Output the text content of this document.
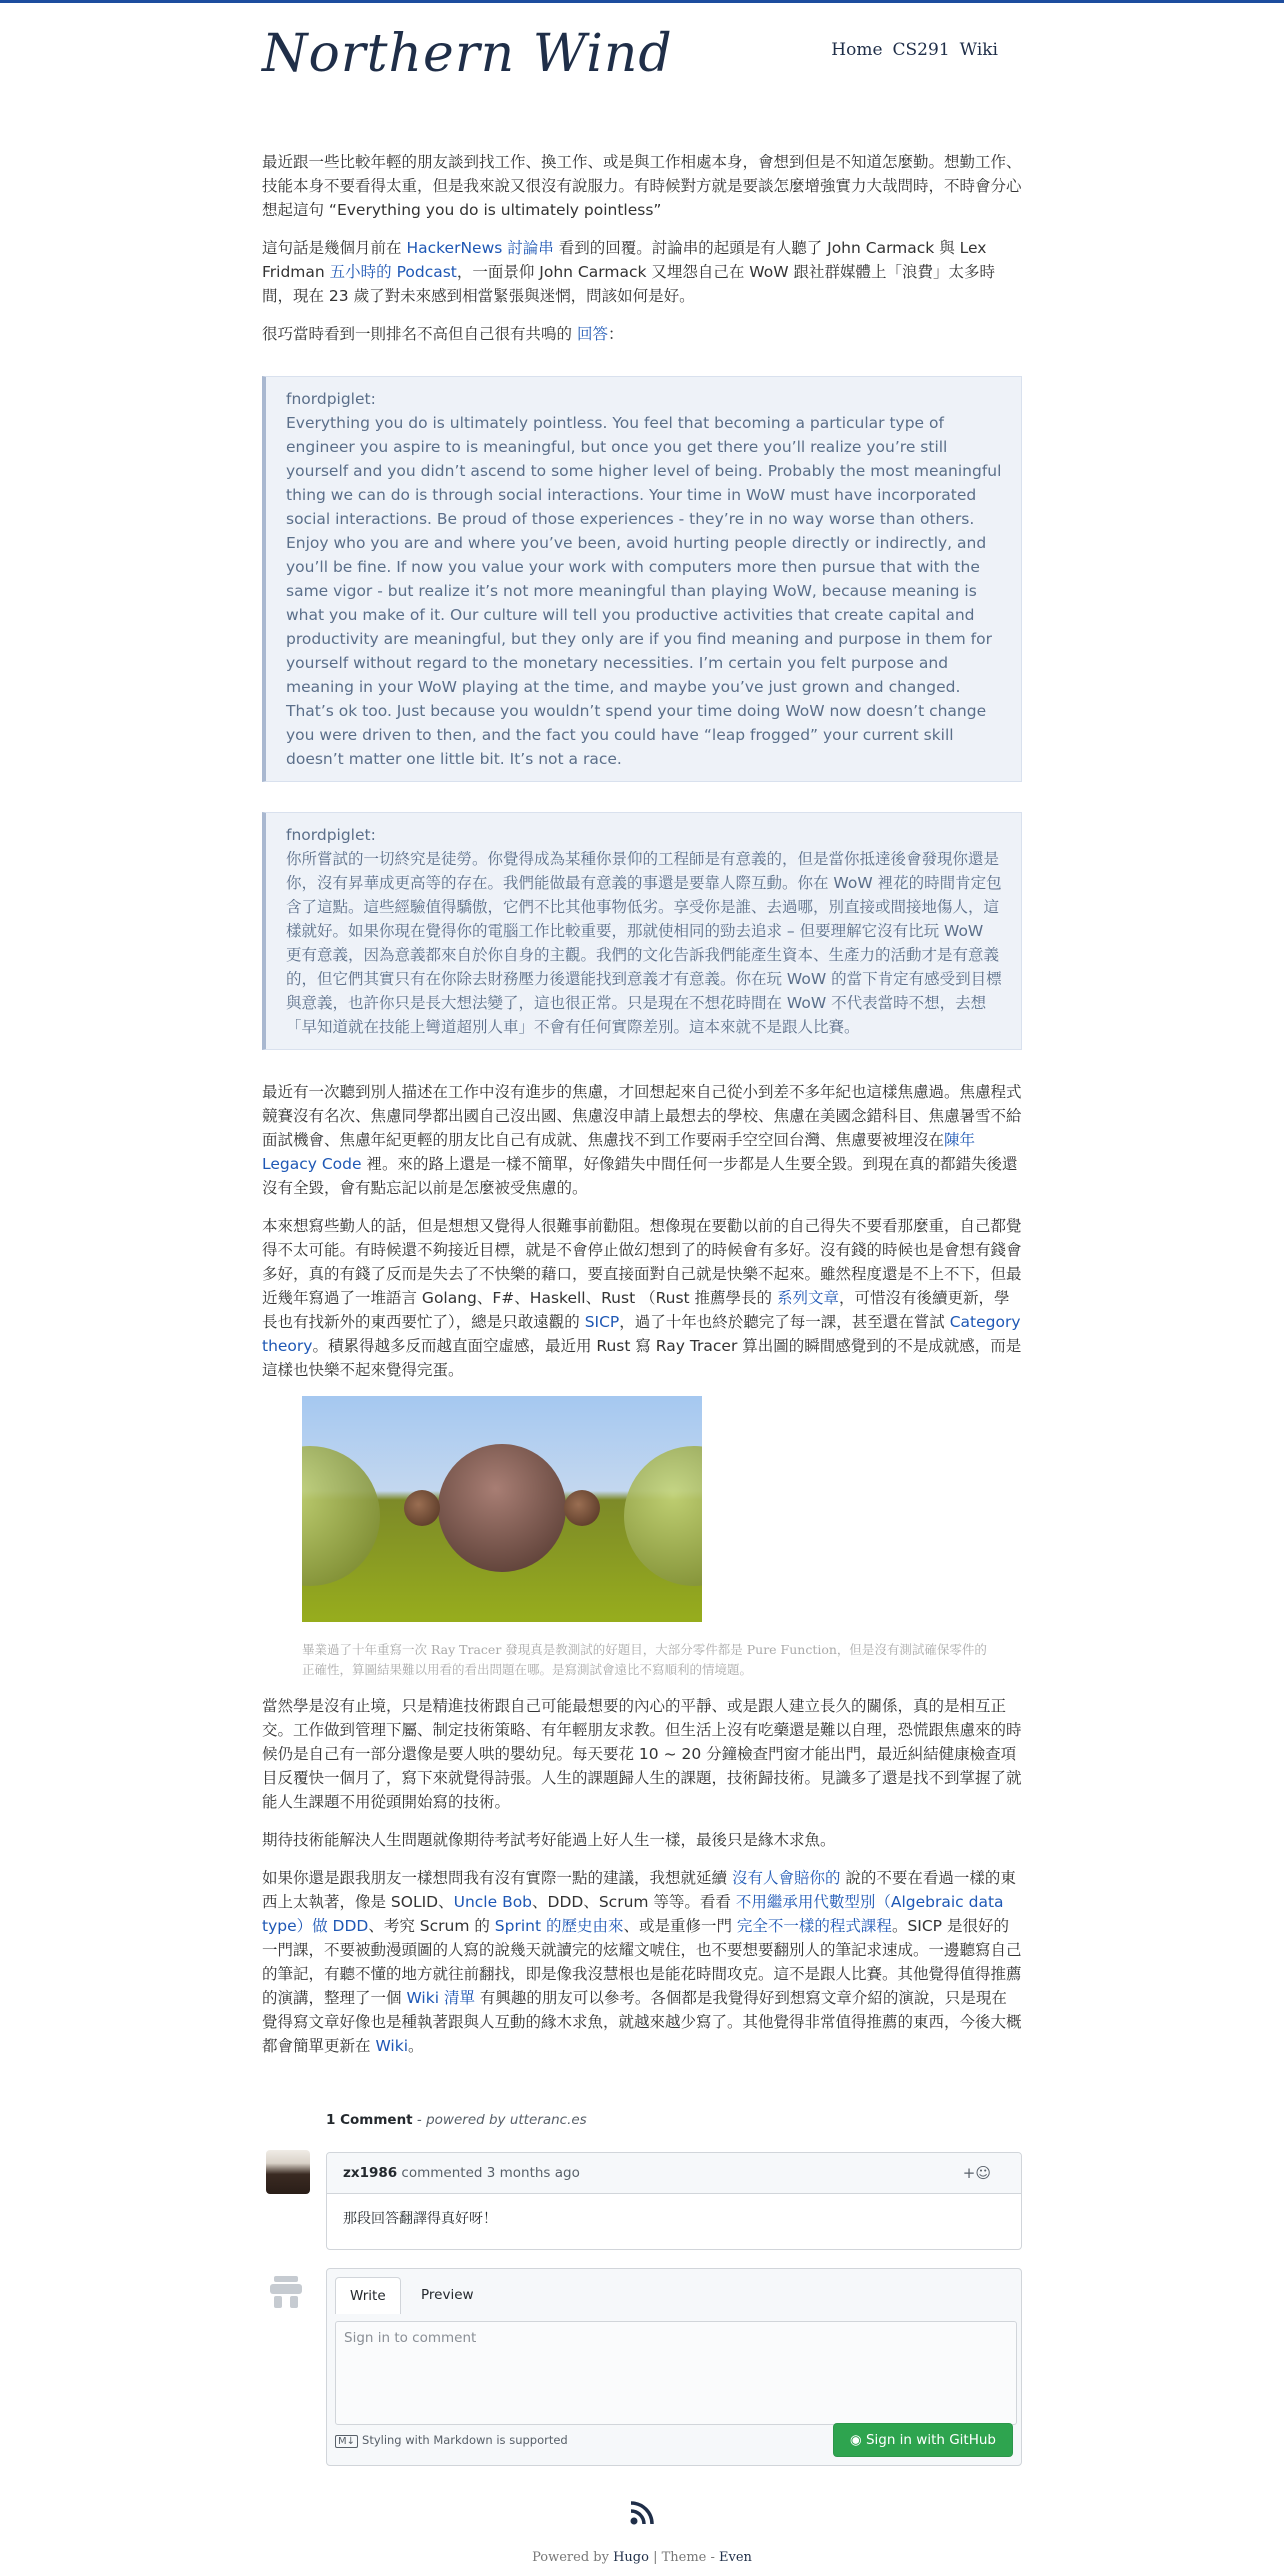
Northern Wind	Home CS291 Wiki

最近跟一些比較年輕的朋友談到找工作、換工作、或是與工作相處本身，會想到但是不知道怎麼勤。想勤工作、技能本身不要看得太重，但是我來說又很沒有說服力。有時候對方就是要談怎麼增強實力大哉問時，不時會分心想起這句 “Everything you do is ultimately pointless”

這句話是幾個月前在 HackerNews 討論串 看到的回覆。討論串的起頭是有人聽了 John Carmack 與 Lex Fridman 五小時的 Podcast，一面景仰 John Carmack 又埋怨自己在 WoW 跟社群媒體上「浪費」太多時間，現在 23 歲了對未來感到相當緊張與迷惘，問該如何是好。

很巧當時看到一則排名不高但自己很有共鳴的 回答：

fnordpiglet:
Everything you do is ultimately pointless. You feel that becoming a particular type of engineer you aspire to is meaningful, but once you get there you’ll realize you’re still yourself and you didn’t ascend to some higher level of being. Probably the most meaningful thing we can do is through social interactions. Your time in WoW must have incorporated social interactions. Be proud of those experiences - they’re in no way worse than others. Enjoy who you are and where you’ve been, avoid hurting people directly or indirectly, and you’ll be fine. If now you value your work with computers more then pursue that with the same vigor - but realize it’s not more meaningful than playing WoW, because meaning is what you make of it. Our culture will tell you productive activities that create capital and productivity are meaningful, but they only are if you find meaning and purpose in them for yourself without regard to the monetary necessities. I’m certain you felt purpose and meaning in your WoW playing at the time, and maybe you’ve just grown and changed. That’s ok too. Just because you wouldn’t spend your time doing WoW now doesn’t change you were driven to then, and the fact you could have “leap frogged” your current skill doesn’t matter one little bit. It’s not a race.
fnordpiglet:
你所嘗試的一切終究是徒勞。你覺得成為某種你景仰的工程師是有意義的，但是當你抵達後會發現你還是你，沒有昇華成更高等的存在。我們能做最有意義的事還是要靠人際互動。你在 WoW 裡花的時間肯定包含了這點。這些經驗值得驕傲，它們不比其他事物低劣。享受你是誰、去過哪，別直接或間接地傷人，這樣就好。如果你現在覺得你的電腦工作比較重要，那就使相同的勁去追求 – 但要理解它沒有比玩 WoW 更有意義，因為意義都來自於你自身的主觀。我們的文化告訴我們能產生資本、生產力的活動才是有意義的，但它們其實只有在你除去財務壓力後還能找到意義才有意義。你在玩 WoW 的當下肯定有感受到目標與意義，也許你只是長大想法變了，這也很正常。只是現在不想花時間在 WoW 不代表當時不想，去想「早知道就在技能上彎道超別人車」不會有任何實際差別。這本來就不是跟人比賽。

最近有一次聽到別人描述在工作中沒有進步的焦慮，才回想起來自己從小到差不多年紀也這樣焦慮過。焦慮程式競賽沒有名次、焦慮同學都出國自己沒出國、焦慮沒申請上最想去的學校、焦慮在美國念錯科目、焦慮暑雪不給面試機會、焦慮年紀更輕的朋友比自己有成就、焦慮找不到工作要兩手空空回台灣、焦慮要被埋沒在陳年 Legacy Code 裡。來的路上還是一樣不簡單，好像錯失中間任何一步都是人生要全毀。到現在真的都錯失後還沒有全毀，會有點忘記以前是怎麼被受焦慮的。

本來想寫些勤人的話，但是想想又覺得人很難事前勸阻。想像現在要勸以前的自己得失不要看那麼重，自己都覺得不太可能。有時候還不夠接近目標，就是不會停止做幻想到了的時候會有多好。沒有錢的時候也是會想有錢會多好，真的有錢了反而是失去了不快樂的藉口，要直接面對自己就是快樂不起來。雖然程度還是不上不下，但最近幾年寫過了一堆語言 Golang、F#、Haskell、Rust （Rust 推薦學長的 系列文章，可惜沒有後續更新，學長也有找新外的東西要忙了），總是只敢遠觀的 SICP，過了十年也終於聽完了每一課，甚至還在嘗試 Category theory。積累得越多反而越直面空虛感，最近用 Rust 寫 Ray Tracer 算出圖的瞬間感覺到的不是成就感，而是這樣也快樂不起來覺得完蛋。

畢業過了十年重寫一次 Ray Tracer 發現真是教測試的好題目，大部分零件都是 Pure Function，但是沒有測試確保零件的正確性，算圖結果難以用看的看出問題在哪。是寫測試會遠比不寫順利的情境題。

當然學是沒有止境，只是精進技術跟自己可能最想要的內心的平靜、或是跟人建立長久的關係，真的是相互正交。工作做到管理下屬、制定技術策略、有年輕朋友求教。但生活上沒有吃藥還是難以自理，恐慌跟焦慮來的時候仍是自己有一部分還像是要人哄的嬰幼兒。每天要花 10 ~ 20 分鐘檢查門窗才能出門，最近糾結健康檢查項目反覆快一個月了，寫下來就覺得詩張。人生的課題歸人生的課題，技術歸技術。見識多了還是找不到掌握了就能人生課題不用從頭開始寫的技術。

期待技術能解決人生問題就像期待考試考好能過上好人生一樣，最後只是緣木求魚。

如果你還是跟我朋友一樣想問我有沒有實際一點的建議，我想就延續 沒有人會賠你的 說的不要在看過一樣的東西上太執著，像是 SOLID、Uncle Bob、DDD、Scrum 等等。看看 不用繼承用代數型別（Algebraic data type）做 DDD、考究 Scrum 的 Sprint 的歷史由來、或是重修一門 完全不一樣的程式課程。SICP 是很好的一門課，不要被動漫頭圖的人寫的說幾天就讀完的炫耀文唬住，也不要想要翻別人的筆記求速成。一邊聽寫自己的筆記，有聽不懂的地方就往前翻找，即是像我沒慧根也是能花時間攻克。這不是跟人比賽。其他覺得值得推薦的演講，整理了一個 Wiki 清單 有興趣的朋友可以參考。各個都是我覺得好到想寫文章介紹的演說，只是現在覺得寫文章好像也是種執著跟與人互動的緣木求魚，就越來越少寫了。其他覺得非常值得推薦的東西，今後大概都會簡單更新在 Wiki。

1 Comment - powered by utteranc.es
zx1986 commented 3 months ago	+☺
那段回答翻譯得真好呀！
Write	Preview
Sign in to comment
M↓ Styling with Markdown is supported	◉ Sign in with GitHub
Powered by Hugo | Theme - Even
